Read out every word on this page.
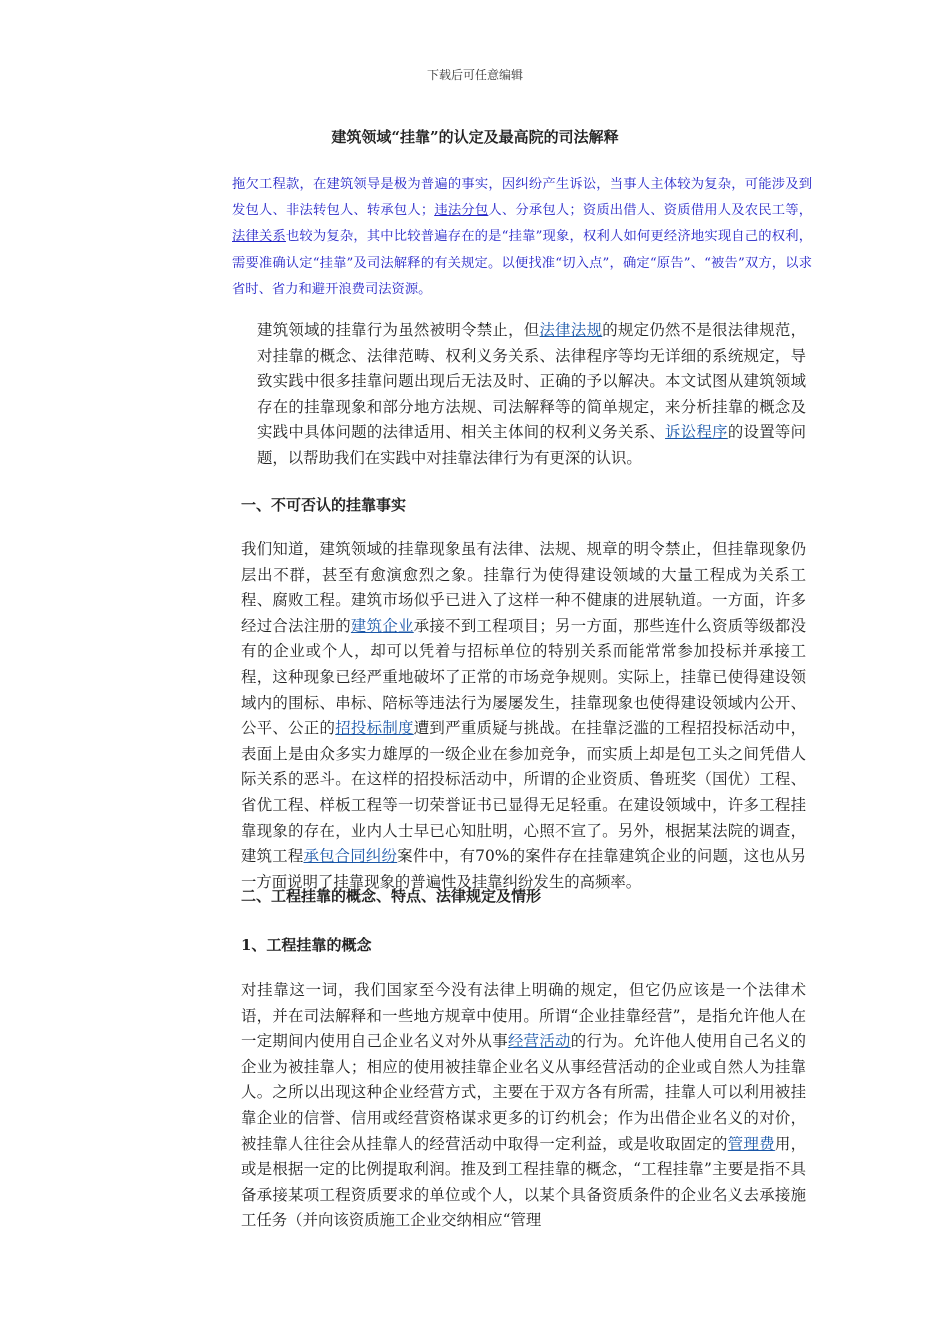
下载后可任意编辑
建筑领域“挂靠”的认定及最高院的司法解释
拖欠工程款，在建筑领导是极为普遍的事实，因纠纷产生诉讼，当事人主体较为复杂，可能涉及到发包人、非法转包人、转承包人；违法分包人、分承包人；资质出借人、资质借用人及农民工等，法律关系也较为复杂，其中比较普遍存在的是“挂靠”现象，权利人如何更经济地实现自己的权利，需要准确认定“挂靠”及司法解释的有关规定。以便找准“切入点”，确定“原告”、“被告”双方，以求省时、省力和避开浪费司法资源。
建筑领域的挂靠行为虽然被明令禁止，但法律法规的规定仍然不是很法律规范，对挂靠的概念、法律范畴、权利义务关系、法律程序等均无详细的系统规定，导致实践中很多挂靠问题出现后无法及时、正确的予以解决。本文试图从建筑领域存在的挂靠现象和部分地方法规、司法解释等的简单规定，来分析挂靠的概念及实践中具体问题的法律适用、相关主体间的权利义务关系、诉讼程序的设置等问题，以帮助我们在实践中对挂靠法律行为有更深的认识。
一、不可否认的挂靠事实
我们知道，建筑领域的挂靠现象虽有法律、法规、规章的明令禁止，但挂靠现象仍层出不群，甚至有愈演愈烈之象。挂靠行为使得建设领域的大量工程成为关系工程、腐败工程。建筑市场似乎已进入了这样一种不健康的进展轨道。一方面，许多经过合法注册的建筑企业承接不到工程项目；另一方面，那些连什么资质等级都没有的企业或个人，却可以凭着与招标单位的特别关系而能常常参加投标并承接工程，这种现象已经严重地破坏了正常的市场竞争规则。实际上，挂靠已使得建设领域内的围标、串标、陪标等违法行为屡屡发生，挂靠现象也使得建设领域内公开、公平、公正的招投标制度遭到严重质疑与挑战。在挂靠泛滥的工程招投标活动中，表面上是由众多实力雄厚的一级企业在参加竞争，而实质上却是包工头之间凭借人际关系的恶斗。在这样的招投标活动中，所谓的企业资质、鲁班奖（国优）工程、省优工程、样板工程等一切荣誉证书已显得无足轻重。在建设领域中，许多工程挂靠现象的存在，业内人士早已心知肚明，心照不宣了。另外，根据某法院的调查，建筑工程承包合同纠纷案件中，有70%的案件存在挂靠建筑企业的问题，这也从另一方面说明了挂靠现象的普遍性及挂靠纠纷发生的高频率。
二、工程挂靠的概念、特点、法律规定及情形
1、工程挂靠的概念
对挂靠这一词，我们国家至今没有法律上明确的规定，但它仍应该是一个法律术语，并在司法解释和一些地方规章中使用。所谓“企业挂靠经营”，是指允许他人在一定期间内使用自己企业名义对外从事经营活动的行为。允许他人使用自己名义的企业为被挂靠人；相应的使用被挂靠企业名义从事经营活动的企业或自然人为挂靠人。之所以出现这种企业经营方式，主要在于双方各有所需，挂靠人可以利用被挂靠企业的信誉、信用或经营资格谋求更多的订约机会；作为出借企业名义的对价，被挂靠人往往会从挂靠人的经营活动中取得一定利益，或是收取固定的管理费用，或是根据一定的比例提取利润。推及到工程挂靠的概念，“工程挂靠”主要是指不具备承接某项工程资质要求的单位或个人，以某个具备资质条件的企业名义去承接施工任务（并向该资质施工企业交纳相应“管理
